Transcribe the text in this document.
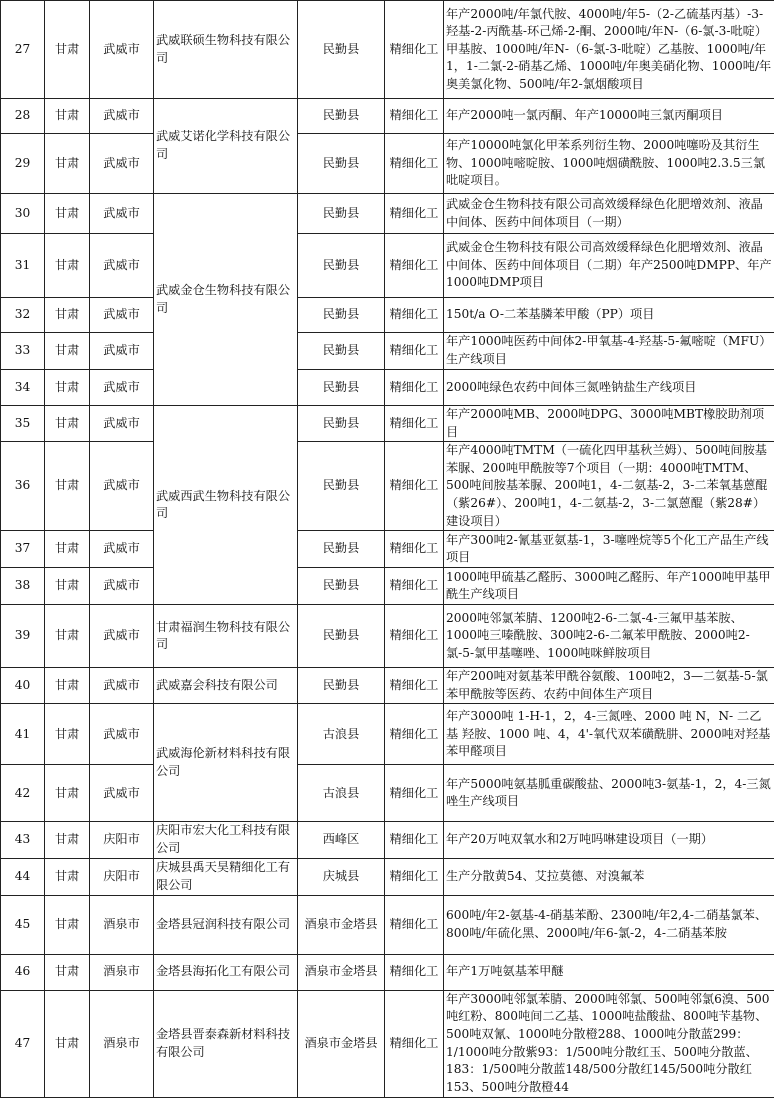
27	甘肃	武威市	武威联硕生物科技有限公司	民勤县	精细化工	年产2000吨/年氯代胺、4000吨/年5-（2-乙硫基丙基）-3-羟基-2-丙酰基-环己烯-2-酮、2000吨/年N-（6-氯-3-吡啶）甲基胺、1000吨/年N-（6-氯-3-吡啶）乙基胺、1000吨/年1，1-二氯-2-硝基乙烯、1000吨/年奥美硝化物、1000吨/年奥美氯化物、500吨/年2-氯烟酸项目
28	甘肃	武威市	武威艾诺化学科技有限公司	民勤县	精细化工	年产2000吨一氯丙酮、年产10000吨三氯丙酮项目
29	甘肃	武威市		民勤县	精细化工	年产10000吨氯化甲苯系列衍生物、2000吨噻吩及其衍生物、1000吨嘧啶胺、1000吨烟磺酰胺、1000吨2.3.5三氯吡啶项目。
30	甘肃	武威市	武威金仓生物科技有限公司	民勤县	精细化工	武威金仓生物科技有限公司高效缓释绿色化肥增效剂、液晶中间体、医药中间体项目（一期）
31	甘肃	武威市		民勤县	精细化工	武威金仓生物科技有限公司高效缓释绿色化肥增效剂、液晶中间体、医药中间体项目（二期）年产2500吨DMPP、年产1000吨DMP项目
32	甘肃	武威市		民勤县	精细化工	150t/a O-二苯基膦苯甲酸（PP）项目
33	甘肃	武威市		民勤县	精细化工	年产1000吨医药中间体2-甲氧基-4-羟基-5-氟嘧啶（MFU）生产线项目
34	甘肃	武威市		民勤县	精细化工	2000吨绿色农药中间体三氮唑钠盐生产线项目
35	甘肃	武威市	武威西武生物科技有限公司	民勤县	精细化工	年产2000吨MB、2000吨DPG、3000吨MBT橡胶助剂项目
36	甘肃	武威市		民勤县	精细化工	年产4000吨TMTM（一硫化四甲基秋兰姆）、500吨间胺基苯脲、200吨甲酰胺等7个项目（一期：4000吨TMTM、500吨间胺基苯脲、200吨1，4-二氨基-2，3-二苯氧基蒽醌（紫26#）、200吨1，4-二氨基-2，3-二氯蒽醌（紫28#）建设项目）
37	甘肃	武威市		民勤县	精细化工	年产300吨2-氰基亚氨基-1，3-噻唑烷等5个化工产品生产线项目
38	甘肃	武威市		民勤县	精细化工	1000吨甲硫基乙醛肟、3000吨乙醛肟、年产1000吨甲基甲酰生产线项目
39	甘肃	武威市	甘肃福润生物科技有限公司	民勤县	精细化工	2000吨邻氯苯腈、1200吨2-6-二氯-4-三氟甲基苯胺、1000吨三嗪酰胺、300吨2-6-二氟苯甲酰胺、2000吨2-氯-5-氯甲基噻唑、1000吨咪鲜胺项目
40	甘肃	武威市	武威嘉会科技有限公司	民勤县	精细化工	年产200吨对氨基苯甲酰谷氨酸、100吨2，3—二氨基-5-氯苯甲酰胺等医药、农药中间体生产项目
41	甘肃	武威市	武威海伦新材料科技有限公司	古浪县	精细化工	年产3000吨 1-H-1，2，4-三氮唑、2000 吨 N，N- 二乙基 羟胺、1000 吨、4，4'-氧代双苯磺酰肼、2000吨对羟基苯甲醛项目
42	甘肃	武威市		古浪县	精细化工	年产5000吨氨基胍重碳酸盐、2000吨3-氨基-1，2，4-三氮唑生产线项目
43	甘肃	庆阳市	庆阳市宏大化工科技有限公司	西峰区	精细化工	年产20万吨双氧水和2万吨吗啉建设项目（一期）
44	甘肃	庆阳市	庆城县禹天昊精细化工有限公司	庆城县	精细化工	生产分散黄54、艾拉莫德、对溴氟苯
45	甘肃	酒泉市	金塔县冠润科技有限公司	酒泉市金塔县	精细化工	600吨/年2-氨基-4-硝基苯酚、2300吨/年2,4-二硝基氯苯、800吨/年硫化黑、2000吨/年6-氯-2，4-二硝基苯胺
46	甘肃	酒泉市	金塔县海拓化工有限公司	酒泉市金塔县	精细化工	年产1万吨氨基苯甲醚
47	甘肃	酒泉市	金塔县晋泰森新材料科技有限公司	酒泉市金塔县	精细化工	年产3000吨邻氯苯腈、2000吨邻氯、500吨邻氯6溴、500吨红粉、800吨间二乙基、1000吨盐酸盐、800吨苄基物、500吨双氰、1000吨分散橙288、1000吨分散蓝299：1/1000吨分散紫93：1/500吨分散红玉、500吨分散蓝、183：1/500吨分散蓝148/500分散红145/500吨分散红153、500吨分散橙44
